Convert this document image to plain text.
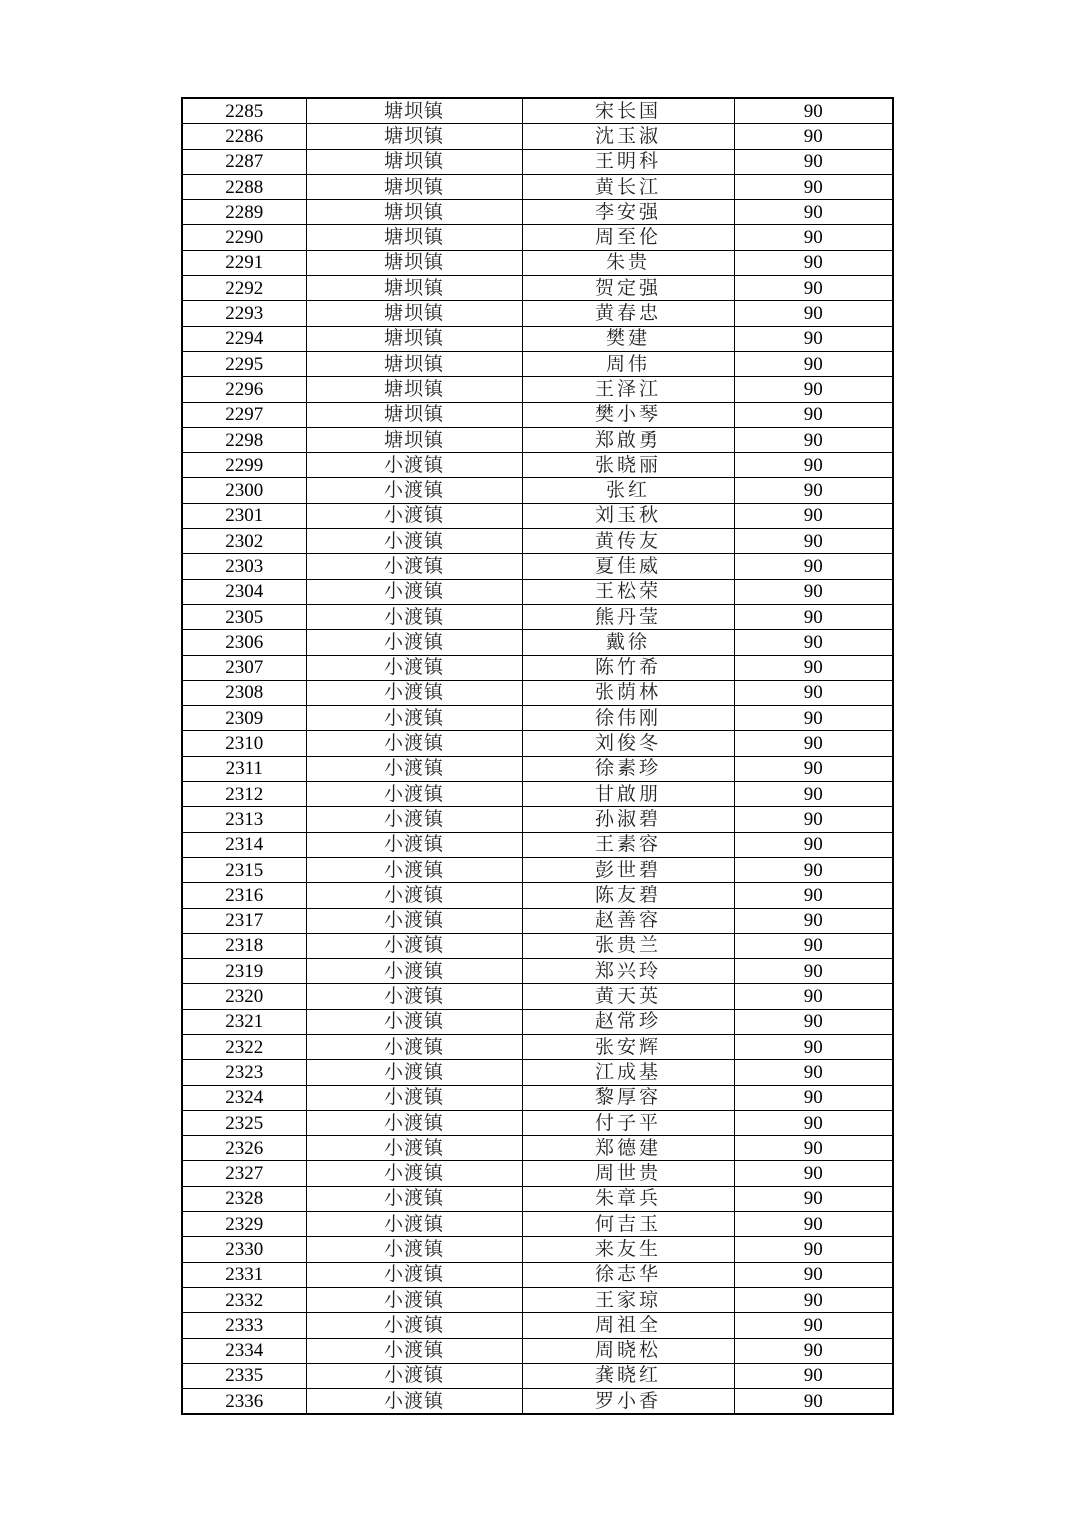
2285	塘坝镇	宋长国	90
2286	塘坝镇	沈玉淑	90
2287	塘坝镇	王明科	90
2288	塘坝镇	黄长江	90
2289	塘坝镇	李安强	90
2290	塘坝镇	周至伦	90
2291	塘坝镇	朱贵	90
2292	塘坝镇	贺定强	90
2293	塘坝镇	黄春忠	90
2294	塘坝镇	樊建	90
2295	塘坝镇	周伟	90
2296	塘坝镇	王泽江	90
2297	塘坝镇	樊小琴	90
2298	塘坝镇	郑啟勇	90
2299	小渡镇	张晓丽	90
2300	小渡镇	张红	90
2301	小渡镇	刘玉秋	90
2302	小渡镇	黄传友	90
2303	小渡镇	夏佳威	90
2304	小渡镇	王松荣	90
2305	小渡镇	熊丹莹	90
2306	小渡镇	戴徐	90
2307	小渡镇	陈竹希	90
2308	小渡镇	张荫林	90
2309	小渡镇	徐伟刚	90
2310	小渡镇	刘俊冬	90
2311	小渡镇	徐素珍	90
2312	小渡镇	甘啟朋	90
2313	小渡镇	孙淑碧	90
2314	小渡镇	王素容	90
2315	小渡镇	彭世碧	90
2316	小渡镇	陈友碧	90
2317	小渡镇	赵善容	90
2318	小渡镇	张贵兰	90
2319	小渡镇	郑兴玲	90
2320	小渡镇	黄天英	90
2321	小渡镇	赵常珍	90
2322	小渡镇	张安辉	90
2323	小渡镇	江成基	90
2324	小渡镇	黎厚容	90
2325	小渡镇	付子平	90
2326	小渡镇	郑德建	90
2327	小渡镇	周世贵	90
2328	小渡镇	朱章兵	90
2329	小渡镇	何吉玉	90
2330	小渡镇	来友生	90
2331	小渡镇	徐志华	90
2332	小渡镇	王家琼	90
2333	小渡镇	周祖全	90
2334	小渡镇	周晓松	90
2335	小渡镇	龚晓红	90
2336	小渡镇	罗小香	90
